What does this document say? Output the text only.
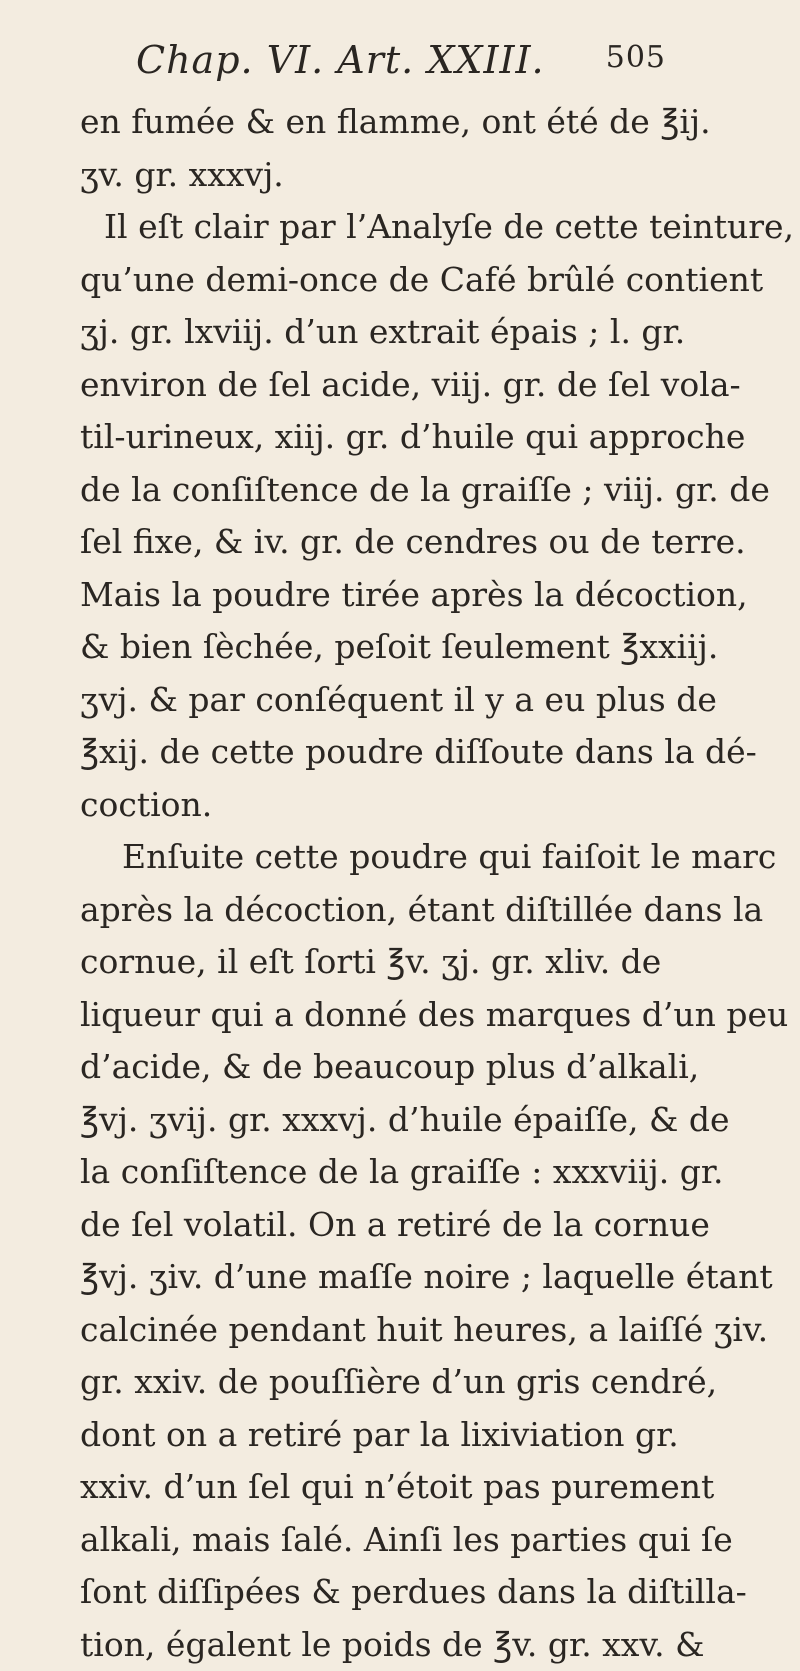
Chap. VI. Art. XXIII. 505
en fumée & en flamme, ont été de ℥ij.
ʒv. gr. xxxvj.
Il eſt clair par l’Analyſe de cette teinture,
qu’une demi-once de Café brûlé contient
ʒj. gr. lxviij. d’un extrait épais ; l. gr.
environ de ſel acide, viij. gr. de ſel vola-
til-urineux, xiij. gr. d’huile qui approche
de la conſiſtence de la graiſſe ; viij. gr. de
ſel fixe, & iv. gr. de cendres ou de terre.
Mais la poudre tirée après la décoction,
& bien ſèchée, peſoit ſeulement ℥xxiij.
ʒvj. & par conſéquent il y a eu plus de
℥xij. de cette poudre diſſoute dans la dé-
coction.
Enſuite cette poudre qui faiſoit le marc
après la décoction, étant diſtillée dans la
cornue, il eſt ſorti ℥v. ʒj. gr. xliv. de
liqueur qui a donné des marques d’un peu
d’acide, & de beaucoup plus d’alkali,
℥vj. ʒvij. gr. xxxvj. d’huile épaiſſe, & de
la conſiſtence de la graiſſe : xxxviij. gr.
de ſel volatil. On a retiré de la cornue
℥vj. ʒiv. d’une maſſe noire ; laquelle étant
calcinée pendant huit heures, a laiſſé ʒiv.
gr. xxiv. de pouſſière d’un gris cendré,
dont on a retiré par la lixiviation gr.
xxiv. d’un ſel qui n’étoit pas purement
alkali, mais ſalé. Ainſi les parties qui ſe
ſont diſſipées & perdues dans la diſtilla-
tion, égalent le poids de ℥v. gr. xxv. &
